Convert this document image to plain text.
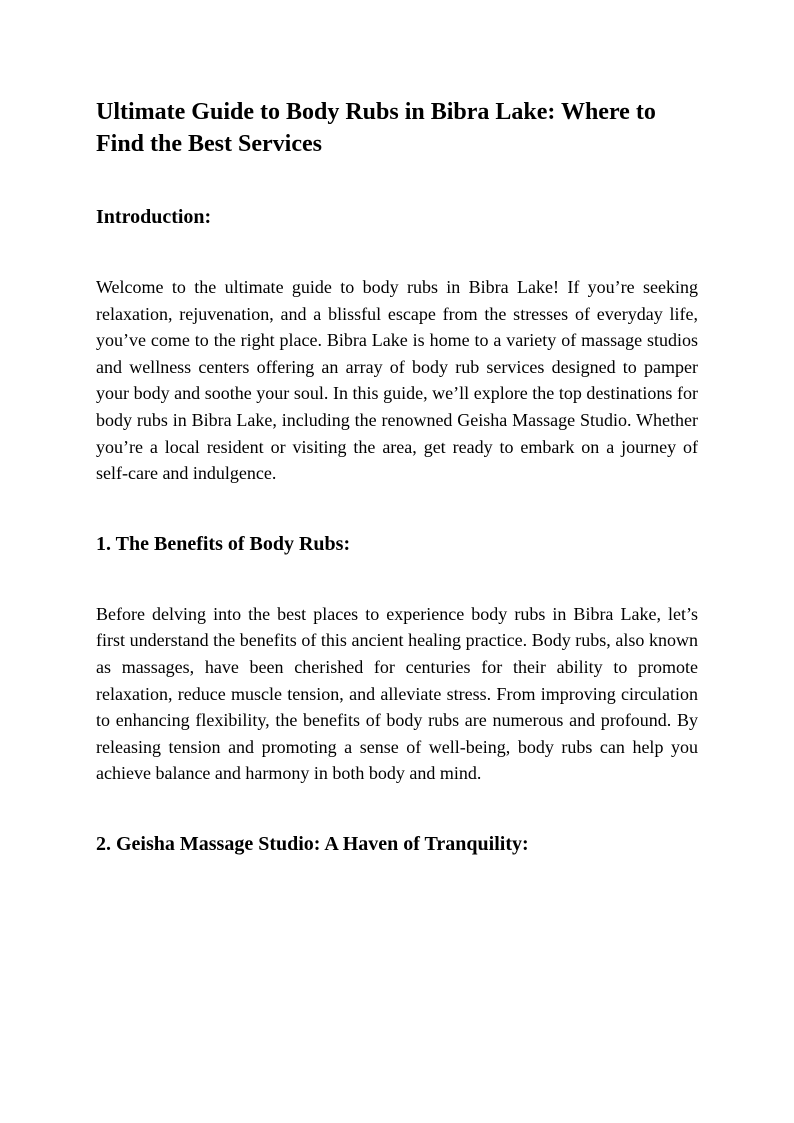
Ultimate Guide to Body Rubs in Bibra Lake: Where to Find the Best Services
Introduction:

Welcome to the ultimate guide to body rubs in Bibra Lake! If you’re seeking relaxation, rejuvenation, and a blissful escape from the stresses of everyday life, you’ve come to the right place. Bibra Lake is home to a variety of massage studios and wellness centers offering an array of body rub services designed to pamper your body and soothe your soul. In this guide, we’ll explore the top destinations for body rubs in Bibra Lake, including the renowned Geisha Massage Studio. Whether you’re a local resident or visiting the area, get ready to embark on a journey of self-care and indulgence.

1. The Benefits of Body Rubs:

Before delving into the best places to experience body rubs in Bibra Lake, let’s first understand the benefits of this ancient healing practice. Body rubs, also known as massages, have been cherished for centuries for their ability to promote relaxation, reduce muscle tension, and alleviate stress. From improving circulation to enhancing flexibility, the benefits of body rubs are numerous and profound. By releasing tension and promoting a sense of well-being, body rubs can help you achieve balance and harmony in both body and mind.

2. Geisha Massage Studio: A Haven of Tranquility:
